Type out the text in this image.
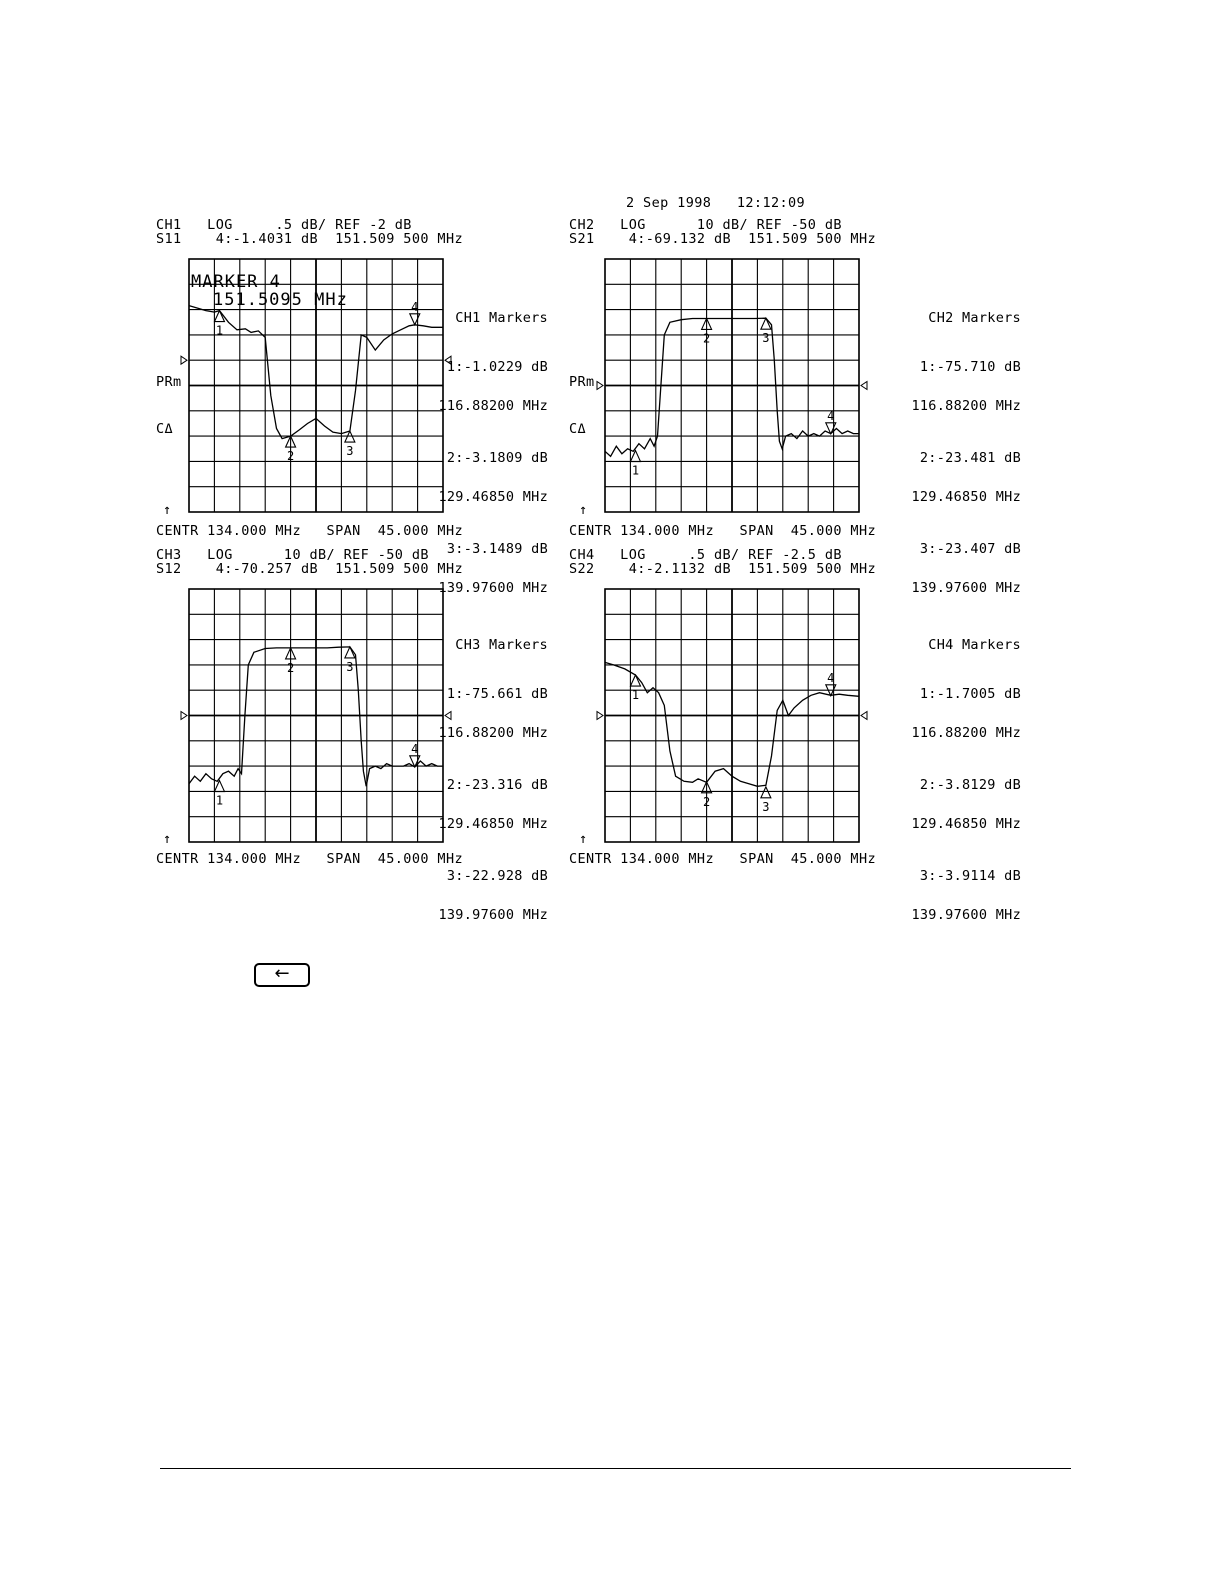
2 Sep 1998   12:12:09
CH1   LOG     .5 dB/ REF -2 dB
S11    4:-1.4031 dB  151.509 500 MHz
1
2	3
4
MARKER 4
151.5095 MHz
PRm
CΔ
↑
CENTR 134.000 MHz   SPAN  45.000 MHz

CH1 Markers

1:-1.0229 dB

116.88200 MHz

2:-3.1809 dB

129.46850 MHz

3:-3.1489 dB

139.97600 MHz

CH2   LOG      10 dB/ REF -50 dB
S21    4:-69.132 dB  151.509 500 MHz
1
2	3
4
PRm
CΔ
↑
CENTR 134.000 MHz   SPAN  45.000 MHz

CH2 Markers

1:-75.710 dB

116.88200 MHz

2:-23.481 dB

129.46850 MHz

3:-23.407 dB

139.97600 MHz

CH3   LOG      10 dB/ REF -50 dB
S12    4:-70.257 dB  151.509 500 MHz
1
2	3
4
↑
CENTR 134.000 MHz   SPAN  45.000 MHz

CH3 Markers

1:-75.661 dB

116.88200 MHz

2:-23.316 dB

129.46850 MHz

3:-22.928 dB

139.97600 MHz

CH4   LOG     .5 dB/ REF -2.5 dB
S22    4:-2.1132 dB  151.509 500 MHz
1
2	3
4
↑
CENTR 134.000 MHz   SPAN  45.000 MHz

CH4 Markers

1:-1.7005 dB

116.88200 MHz

2:-3.8129 dB

129.46850 MHz

3:-3.9114 dB

139.97600 MHz

←
